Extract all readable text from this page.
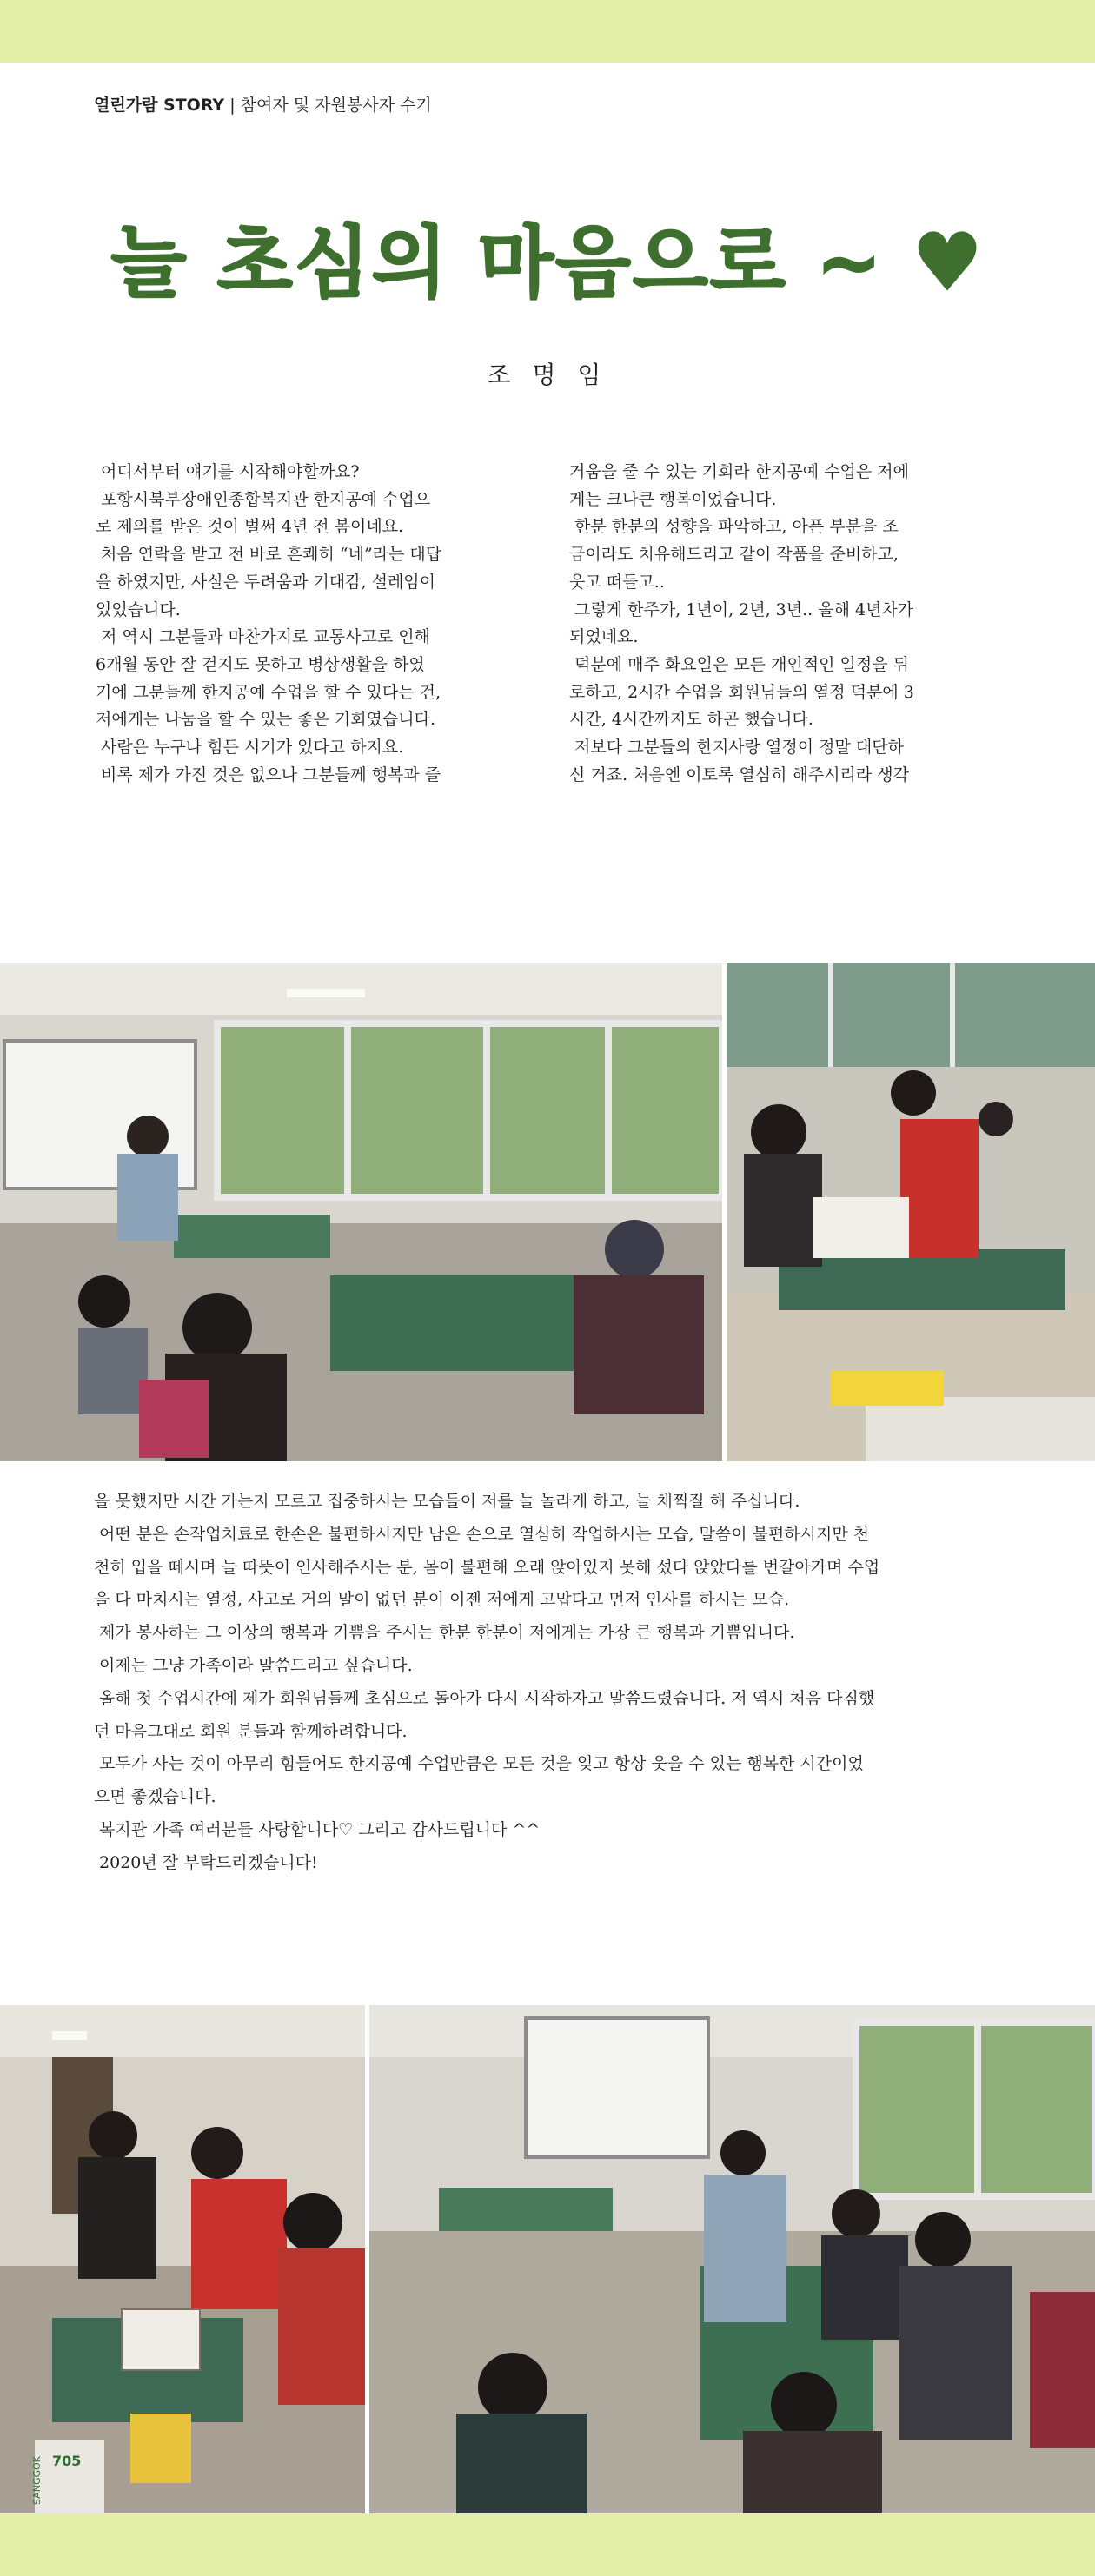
열린가람 STORY | 참여자 및 자원봉사자 수기
늘 초심의 마음으로 ~ ♥
조 명 임

어디서부터 얘기를 시작해야할까요?

포항시북부장애인종합복지관 한지공예 수업으

로 제의를 받은 것이 벌써 4년 전 봄이네요.

처음 연락을 받고 전 바로 흔쾌히 “네”라는 대답

을 하였지만, 사실은 두려움과 기대감, 설레임이

있었습니다.

저 역시 그분들과 마찬가지로 교통사고로 인해

6개월 동안 잘 걷지도 못하고 병상생활을 하였

기에 그분들께 한지공예 수업을 할 수 있다는 건,

저에게는 나눔을 할 수 있는 좋은 기회였습니다.

사람은 누구나 힘든 시기가 있다고 하지요.

비록 제가 가진 것은 없으나 그분들께 행복과 즐

거움을 줄 수 있는 기회라 한지공예 수업은 저에

게는 크나큰 행복이었습니다.

한분 한분의 성향을 파악하고, 아픈 부분을 조

금이라도 치유해드리고 같이 작품을 준비하고,

웃고 떠들고..

그렇게 한주가, 1년이, 2년, 3년.. 올해 4년차가

되었네요.

덕분에 매주 화요일은 모든 개인적인 일정을 뒤

로하고, 2시간 수업을 회원님들의 열정 덕분에 3

시간, 4시간까지도 하곤 했습니다.

저보다 그분들의 한지사랑 열정이 정말 대단하

신 거죠. 처음엔 이토록 열심히 해주시리라 생각

을 못했지만 시간 가는지 모르고 집중하시는 모습들이 저를 늘 놀라게 하고, 늘 채찍질 해 주십니다.

어떤 분은 손작업치료로 한손은 불편하시지만 남은 손으로 열심히 작업하시는 모습, 말씀이 불편하시지만 천

천히 입을 떼시며 늘 따뜻이 인사해주시는 분, 몸이 불편해 오래 앉아있지 못해 섰다 앉았다를 번갈아가며 수업

을 다 마치시는 열정, 사고로 거의 말이 없던 분이 이젠 저에게 고맙다고 먼저 인사를 하시는 모습.

제가 봉사하는 그 이상의 행복과 기쁨을 주시는 한분 한분이 저에게는 가장 큰 행복과 기쁨입니다.

이제는 그냥 가족이라 말씀드리고 싶습니다.

올해 첫 수업시간에 제가 회원님들께 초심으로 돌아가 다시 시작하자고 말씀드렸습니다. 저 역시 처음 다짐했

던 마음그대로 회원 분들과 함께하려합니다.

모두가 사는 것이 아무리 힘들어도 한지공예 수업만큼은 모든 것을 잊고 항상 웃을 수 있는 행복한 시간이었

으면 좋겠습니다.

복지관 가족 여러분들 사랑합니다♡ 그리고 감사드립니다 ^^

2020년 잘 부탁드리겠습니다!

705
SANGGOK
